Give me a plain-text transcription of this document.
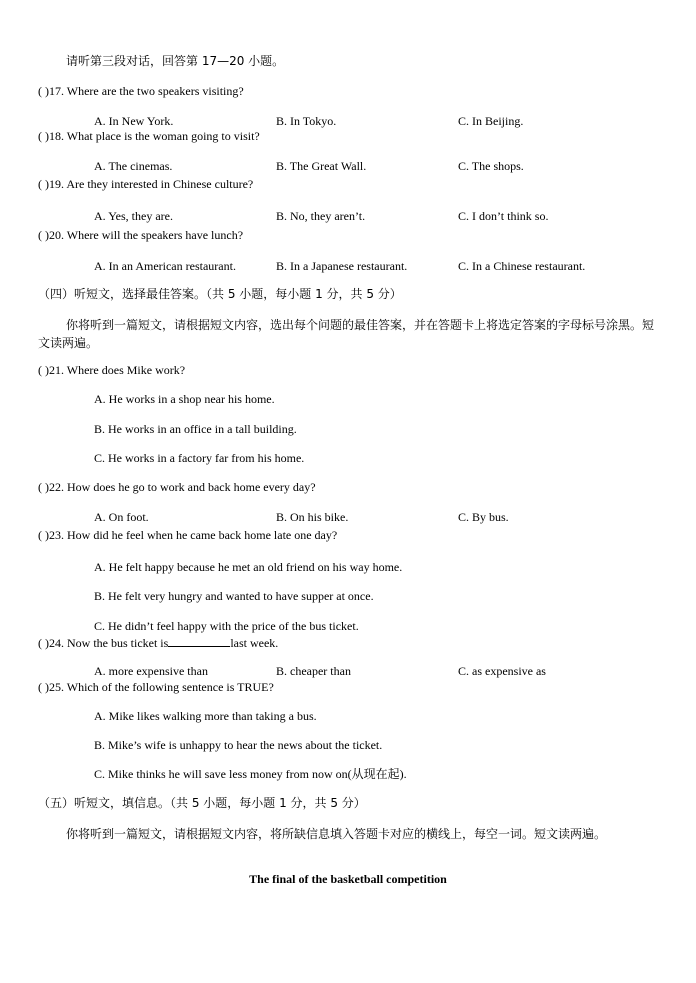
请听第三段对话，回答第 17—20 小题。
( )17. Where are the two speakers visiting?
A. In New York.	B. In Tokyo.	C. In Beijing.
( )18. What place is the woman going to visit?
A. The cinemas.	B. The Great Wall.	C. The shops.
( )19. Are they interested in Chinese culture?
A. Yes, they are.	B. No, they aren’t.	C. I don’t think so.
( )20. Where will the speakers have lunch?
A. In an American restaurant.	B. In a Japanese restaurant.	C. In a Chinese restaurant.
（四）听短文，选择最佳答案。（共 5 小题，每小题 1 分，共 5 分）
你将听到一篇短文，请根据短文内容，选出每个问题的最佳答案，并在答题卡上将选定答案的字母标号涂黑。短文读两遍。
( )21. Where does Mike work?
A. He works in a shop near his home.
B. He works in an office in a tall building.
C. He works in a factory far from his home.
( )22. How does he go to work and back home every day?
A. On foot.	B. On his bike.	C. By bus.
( )23. How did he feel when he came back home late one day?
A. He felt happy because he met an old friend on his way home.
B. He felt very hungry and wanted to have supper at once.
C. He didn’t feel happy with the price of the bus ticket.
( )24. Now the bus ticket is	last week.
A. more expensive than	B. cheaper than	C. as expensive as
( )25. Which of the following sentence is TRUE?
A. Mike likes walking more than taking a bus.
B. Mike’s wife is unhappy to hear the news about the ticket.
C. Mike thinks he will save less money from now on(从现在起).
（五）听短文，填信息。（共 5 小题，每小题 1 分，共 5 分）
你将听到一篇短文，请根据短文内容，将所缺信息填入答题卡对应的横线上，每空一词。短文读两遍。
The final of the basketball competition
